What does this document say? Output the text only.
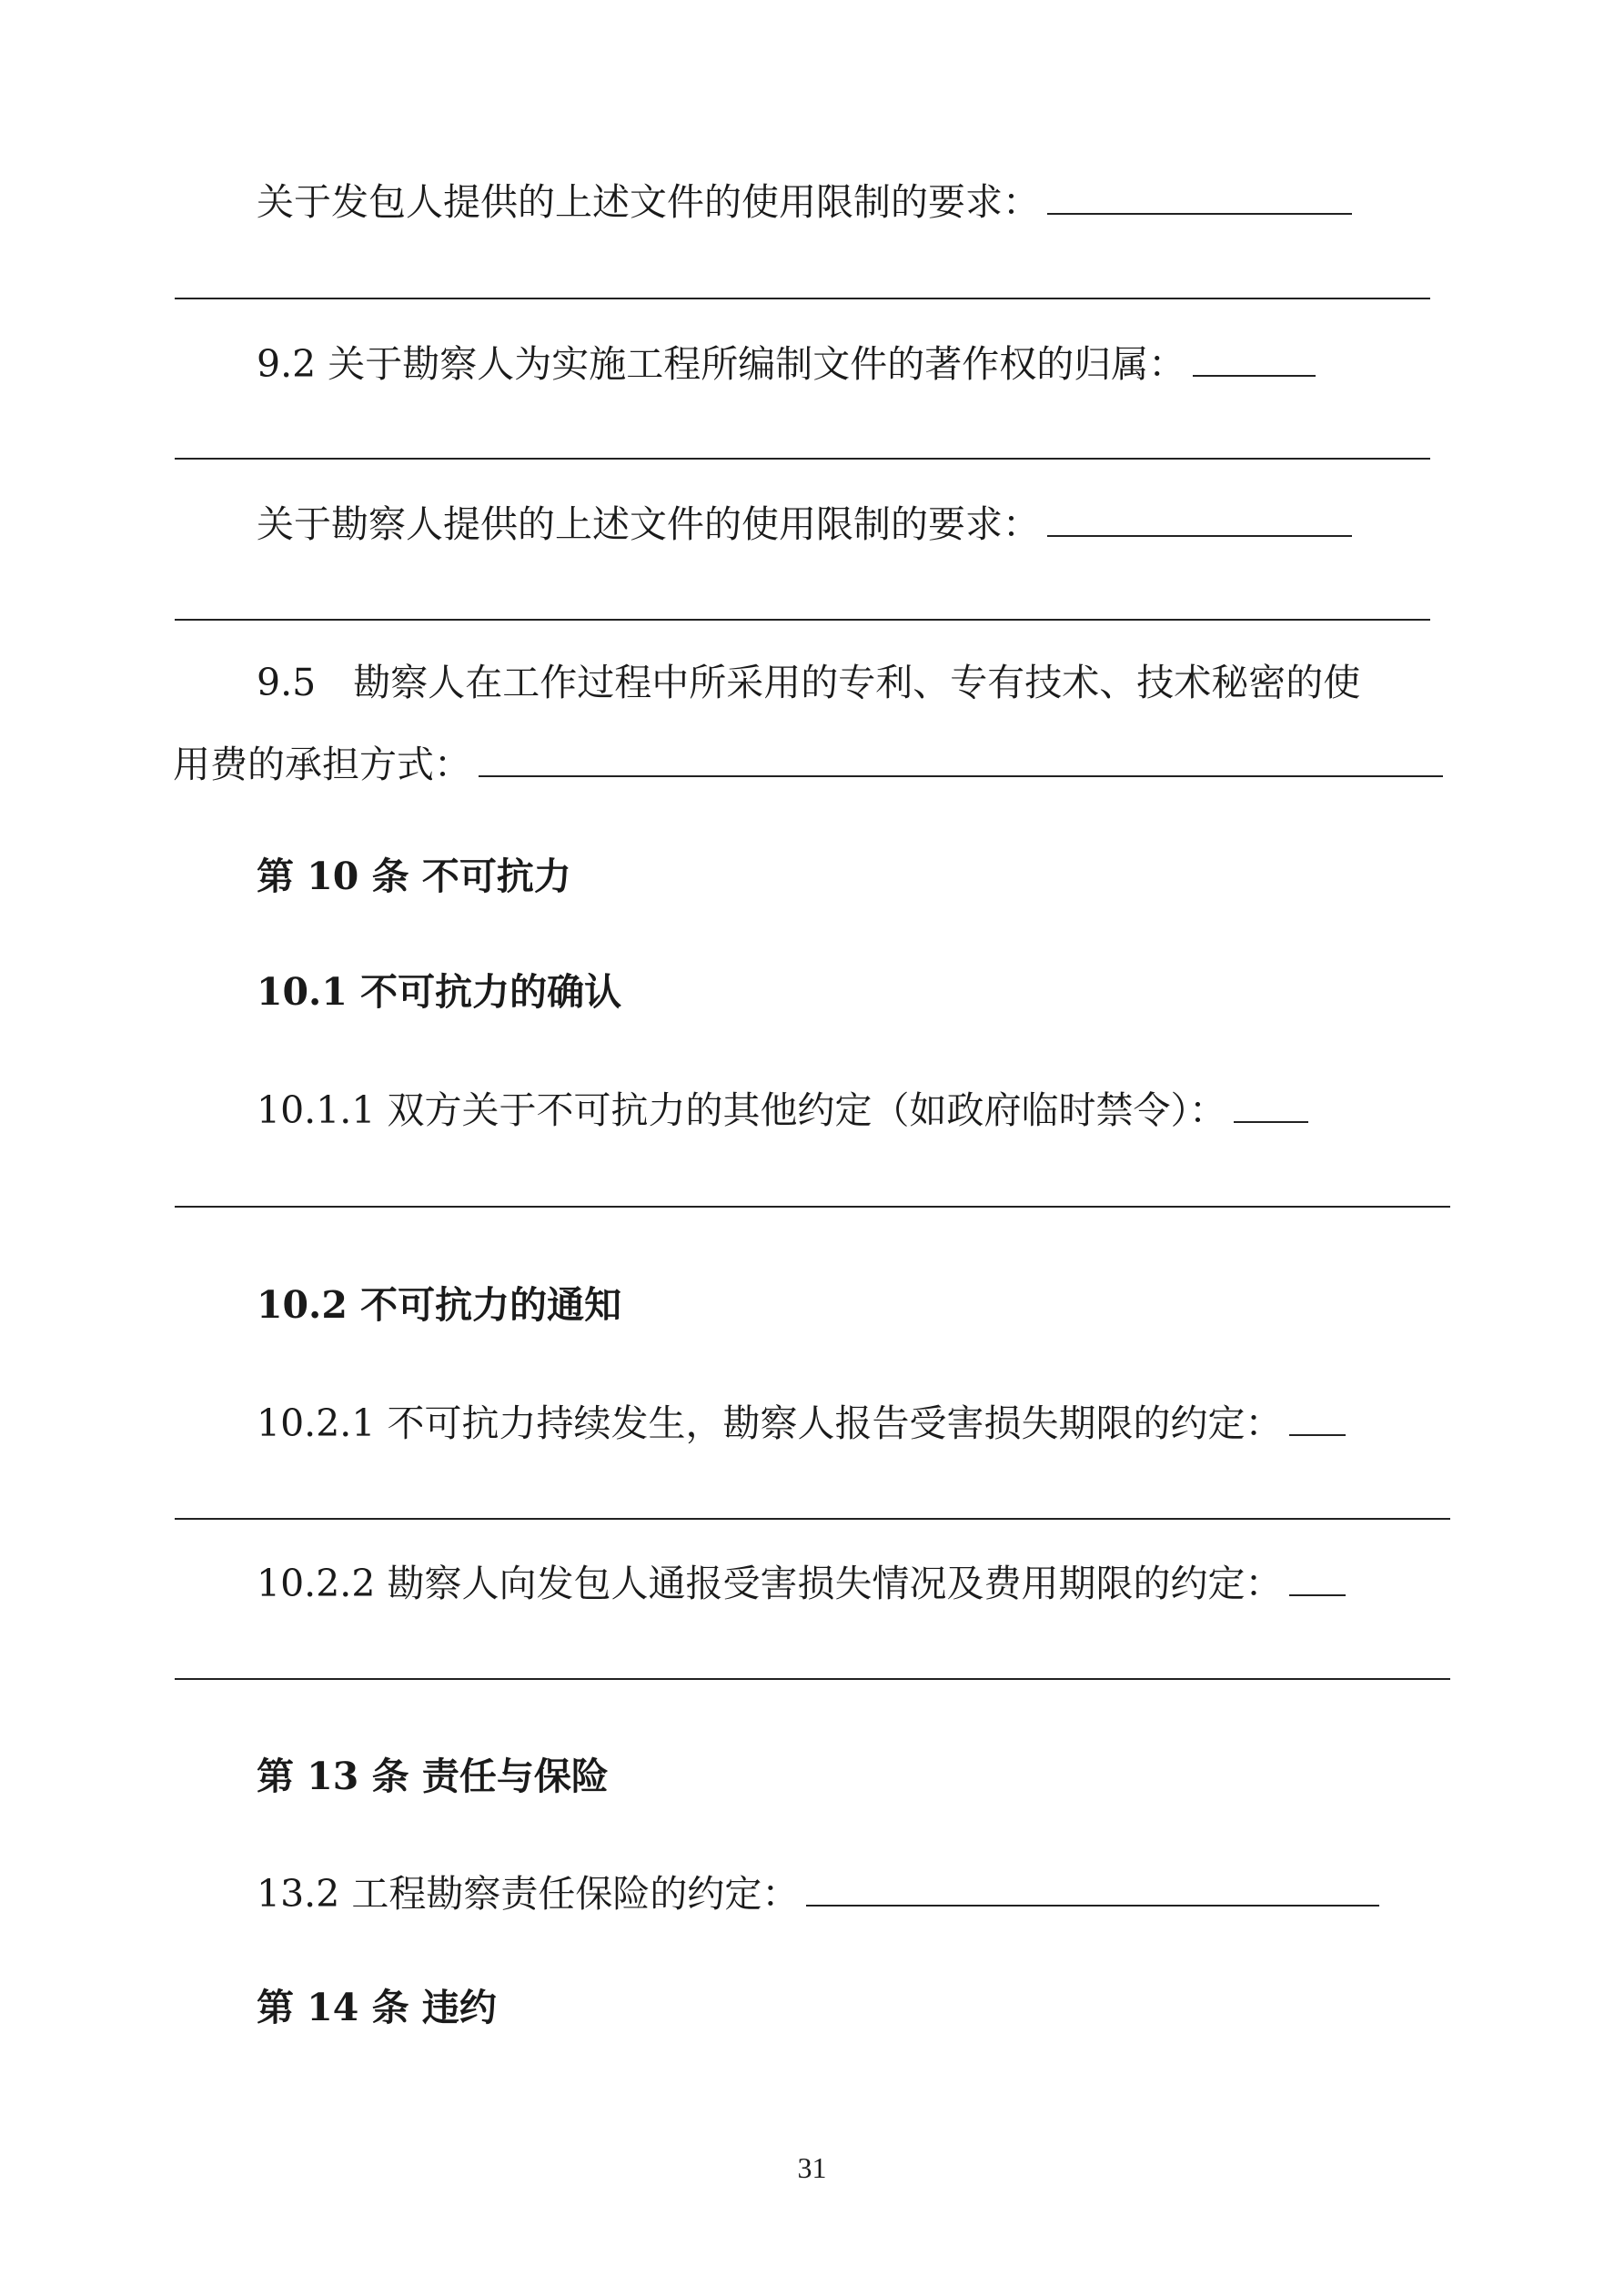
关于发包人提供的上述文件的使用限制的要求：
9.2 关于勘察人为实施工程所编制文件的著作权的归属：
关于勘察人提供的上述文件的使用限制的要求：
9.5　勘察人在工作过程中所采用的专利、专有技术、技术秘密的使
用费的承担方式：
第 10 条 不可抗力
10.1 不可抗力的确认
10.1.1 双方关于不可抗力的其他约定（如政府临时禁令）：
10.2 不可抗力的通知
10.2.1 不可抗力持续发生，勘察人报告受害损失期限的约定：
10.2.2 勘察人向发包人通报受害损失情况及费用期限的约定：
第 13 条 责任与保险
13.2 工程勘察责任保险的约定：
第 14 条 违约
31
